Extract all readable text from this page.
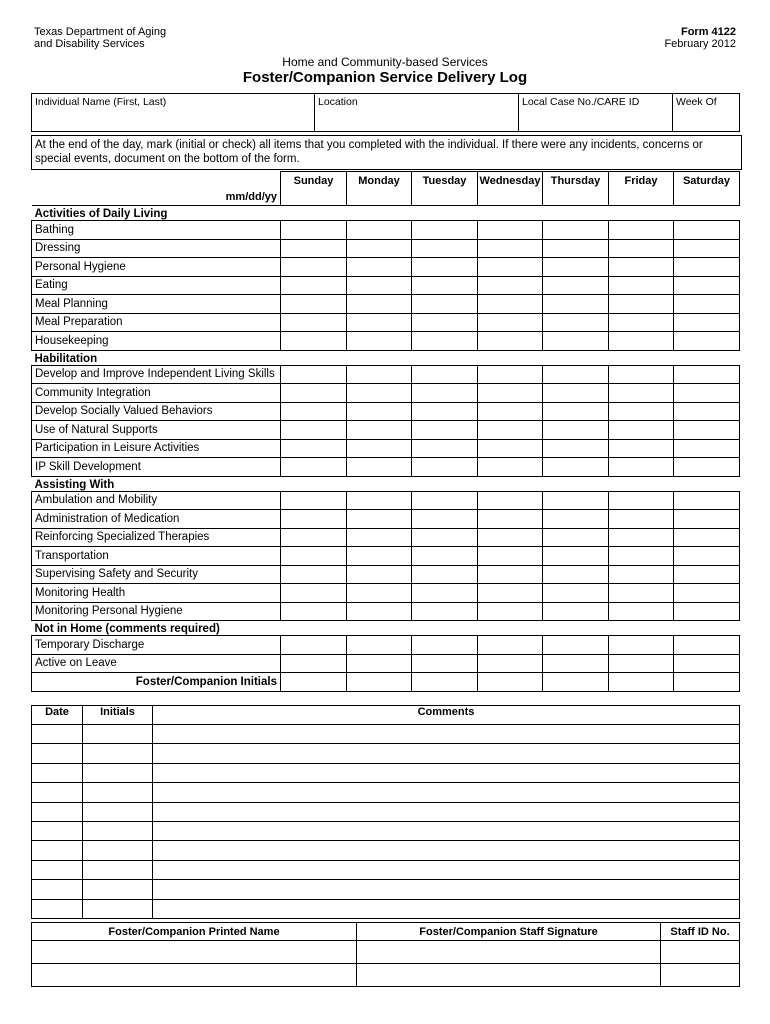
Texas Department of Aging
and Disability Services
Form 4122
February 2012
Home and Community-based Services
Foster/Companion Service Delivery Log
Individual Name (First, Last)	Location	Local Case No./CARE ID	Week Of
At the end of the day, mark (initial or check) all items that you completed with the individual. If there were any incidents, concerns or special events, document on the bottom of the form.
mm/dd/yy	Sunday	Monday	Tuesday	Wednesday	Thursday	Friday	Saturday

Activities of Daily Living							
Bathing							
Dressing							
Personal Hygiene							
Eating							
Meal Planning							
Meal Preparation							
Housekeeping							
Habilitation							
Develop and Improve Independent Living Skills							
Community Integration							
Develop Socially Valued Behaviors							
Use of Natural Supports							
Participation in Leisure Activities							
IP Skill Development							
Assisting With							
Ambulation and Mobility							
Administration of Medication							
Reinforcing Specialized Therapies							
Transportation							
Supervising Safety and Security							
Monitoring Health							
Monitoring Personal Hygiene							
Not in Home (comments required)							
Temporary Discharge							
Active on Leave							
Foster/Companion Initials							
Date	Initials	Comments

Foster/Companion Printed Name	Foster/Companion Staff Signature	Staff ID No.
